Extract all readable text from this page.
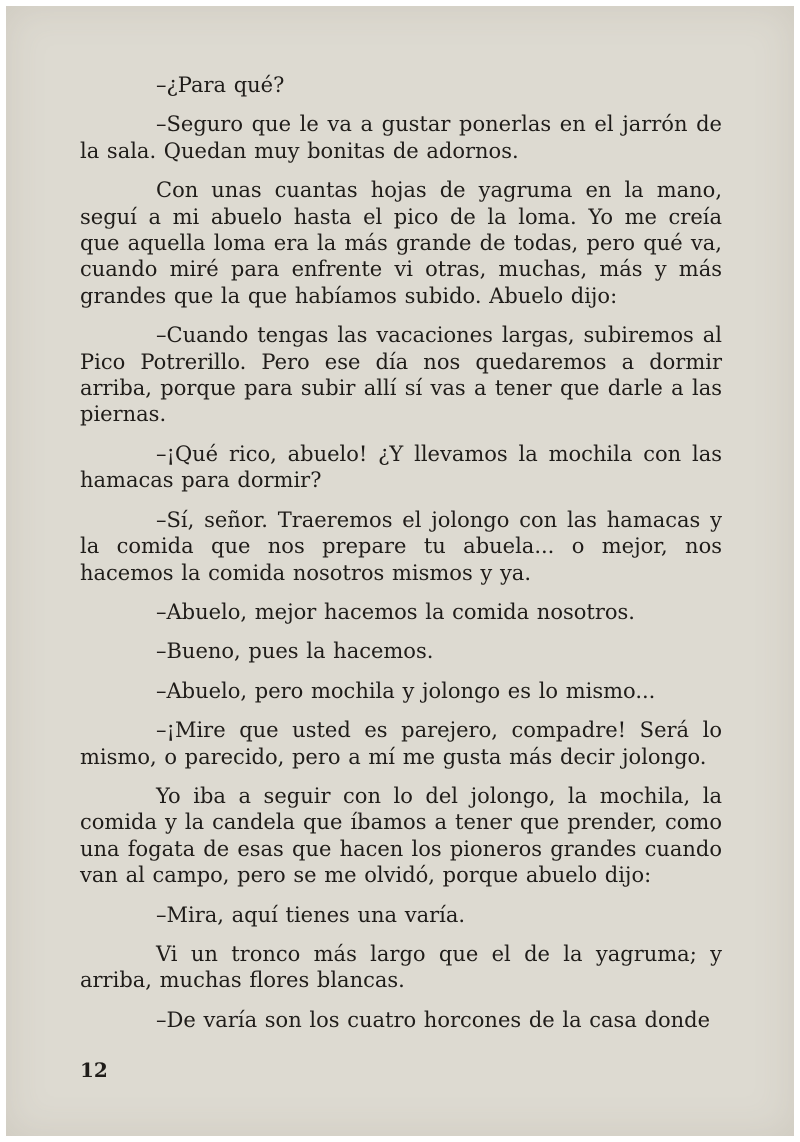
–¿Para qué?

–Seguro que le va a gustar ponerlas en el jarrón de la sala. Quedan muy bonitas de adornos.

Con unas cuantas hojas de yagruma en la mano, seguí a mi abuelo hasta el pico de la loma. Yo me creía que aquella loma era la más grande de todas, pero qué va, cuando miré para enfrente vi otras, muchas, más y más grandes que la que habíamos subido. Abuelo dijo:

–Cuando tengas las vacaciones largas, subiremos al Pico Potrerillo. Pero ese día nos quedaremos a dormir arriba, porque para subir allí sí vas a tener que darle a las piernas.

–¡Qué rico, abuelo! ¿Y llevamos la mochila con las hamacas para dormir?

–Sí, señor. Traeremos el jolongo con las hamacas y la comida que nos prepare tu abuela... o mejor, nos hacemos la comida nosotros mismos y ya.

–Abuelo, mejor hacemos la comida nosotros.

–Bueno, pues la hacemos.

–Abuelo, pero mochila y jolongo es lo mismo...

–¡Mire que usted es parejero, compadre! Será lo mismo, o parecido, pero a mí me gusta más decir jolongo.

Yo iba a seguir con lo del jolongo, la mochila, la comida y la candela que íbamos a tener que prender, como una fogata de esas que hacen los pioneros grandes cuando van al campo, pero se me olvidó, porque abuelo dijo:

–Mira, aquí tienes una varía.

Vi un tronco más largo que el de la yagruma; y arriba, muchas flores blancas.

–De varía son los cuatro horcones de la casa donde

12
